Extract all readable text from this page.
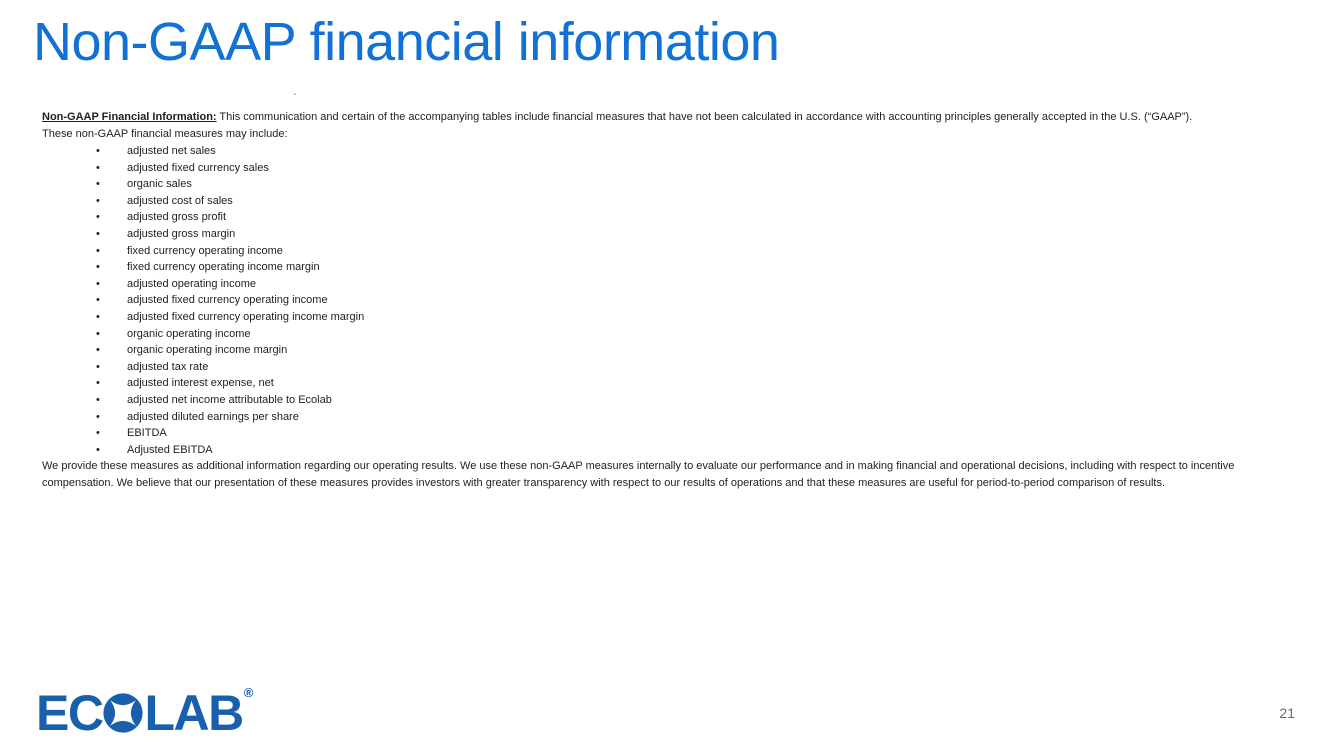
Non-GAAP financial information
.

Non-GAAP Financial Information: This communication and certain of the accompanying tables include financial measures that have not been calculated in accordance with accounting principles generally accepted in the U.S. (“GAAP”).

These non-GAAP financial measures may include:

• adjusted net sales
• adjusted fixed currency sales
• organic sales
• adjusted cost of sales
• adjusted gross profit
• adjusted gross margin
• fixed currency operating income
• fixed currency operating income margin
• adjusted operating income
• adjusted fixed currency operating income
• adjusted fixed currency operating income margin
• organic operating income
• organic operating income margin
• adjusted tax rate
• adjusted interest expense, net
• adjusted net income attributable to Ecolab
• adjusted diluted earnings per share
• EBITDA
• Adjusted EBITDA

We provide these measures as additional information regarding our operating results. We use these non-GAAP measures internally to evaluate our performance and in making financial and operational decisions, including with respect to incentive compensation. We believe that our presentation of these measures provides investors with greater transparency with respect to our results of operations and that these measures are useful for period-to-period comparison of results.

EC LAB ®
21
